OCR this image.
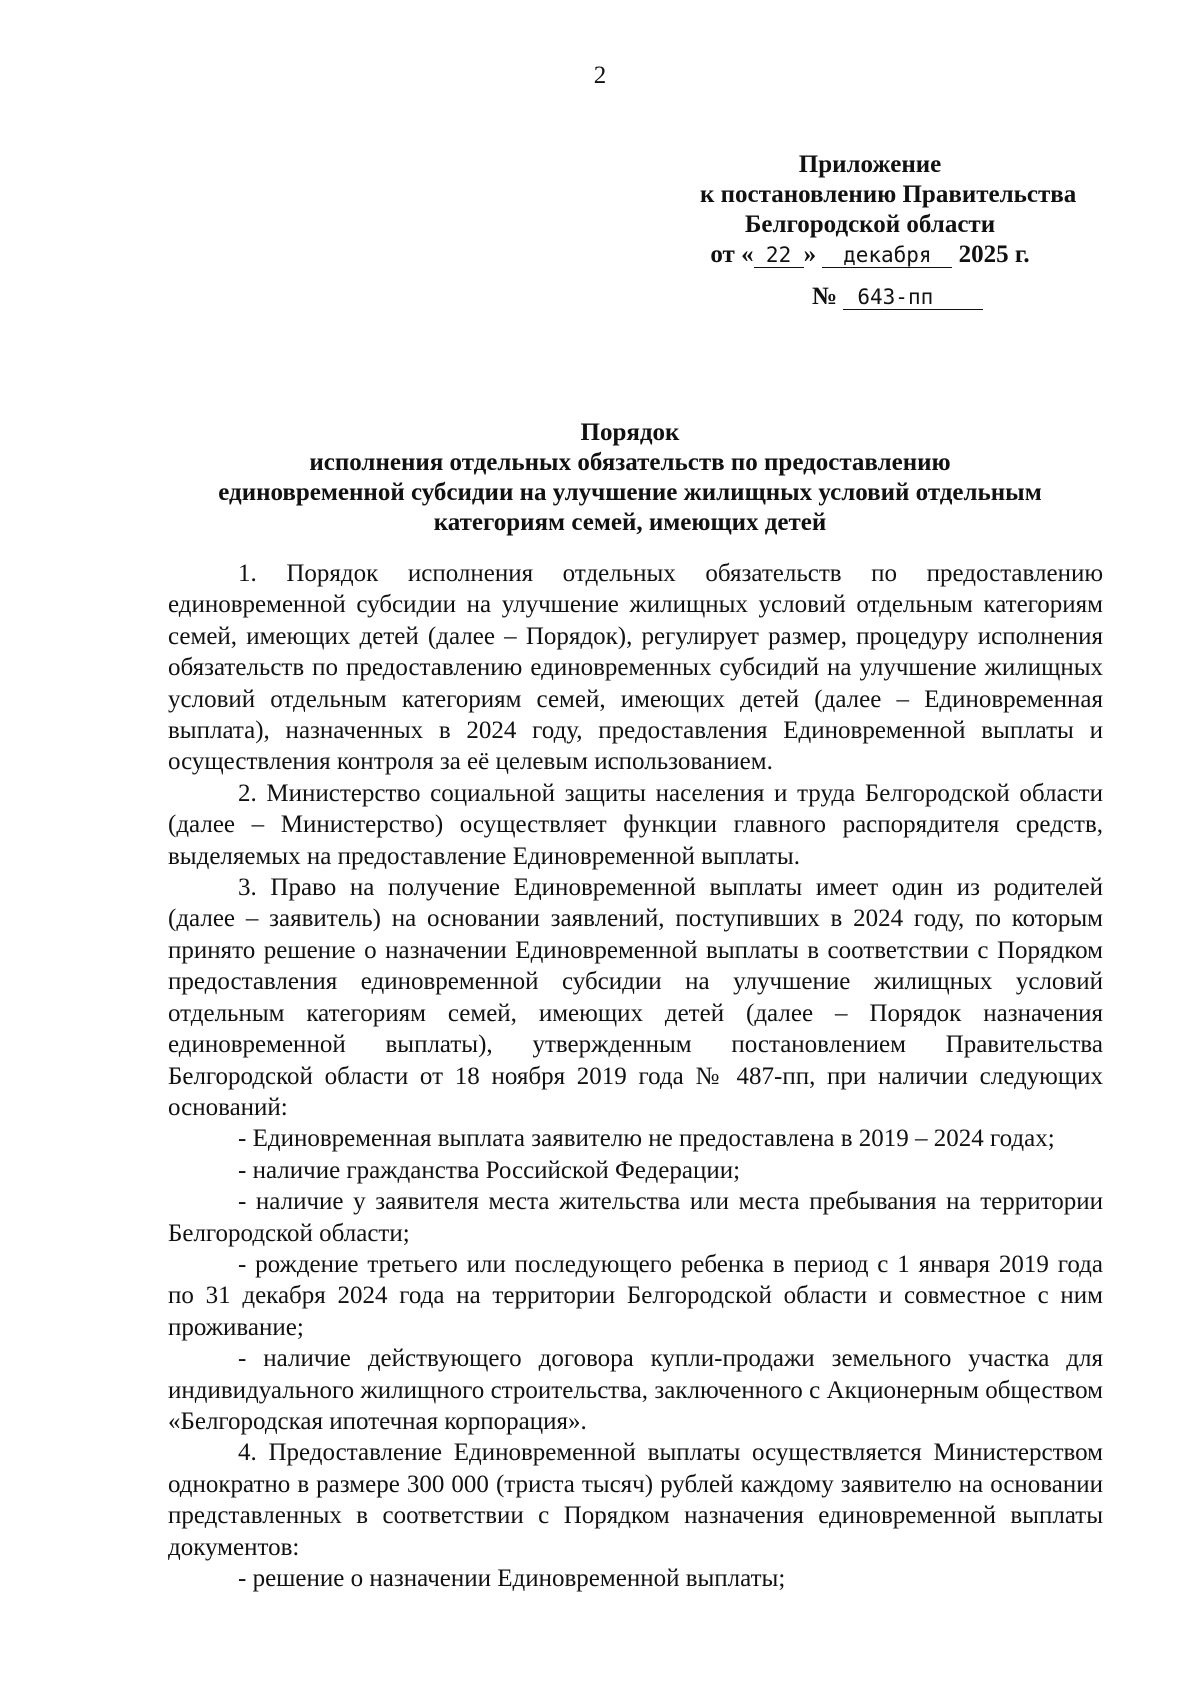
2
Приложение
к постановлению Правительства
Белгородской области
от « 22 » декабря 2025 г.
№ 643-пп
Порядок
исполнения отдельных обязательств по предоставлению
единовременной субсидии на улучшение жилищных условий отдельным
категориям семей, имеющих детей

1. Порядок исполнения отдельных обязательств по предоставлению единовременной субсидии на улучшение жилищных условий отдельным категориям семей, имеющих детей (далее – Порядок), регулирует размер, процедуру исполнения обязательств по предоставлению единовременных субсидий на улучшение жилищных условий отдельным категориям семей, имеющих детей (далее – Единовременная выплата), назначенных в 2024 году, предоставления Единовременной выплаты и осуществления контроля за её целевым использованием.

2. Министерство социальной защиты населения и труда Белгородской области (далее – Министерство) осуществляет функции главного распорядителя средств, выделяемых на предоставление Единовременной выплаты.

3. Право на получение Единовременной выплаты имеет один из родителей (далее – заявитель) на основании заявлений, поступивших в 2024 году, по которым принято решение о назначении Единовременной выплаты в соответствии с Порядком предоставления единовременной субсидии на улучшение жилищных условий отдельным категориям семей, имеющих детей (далее – Порядок назначения единовременной выплаты), утвержденным постановлением Правительства Белгородской области от 18 ноября 2019 года № 487-пп, при наличии следующих оснований:

- Единовременная выплата заявителю не предоставлена в 2019 – 2024 годах;

- наличие гражданства Российской Федерации;

- наличие у заявителя места жительства или места пребывания на территории Белгородской области;

- рождение третьего или последующего ребенка в период с 1 января 2019 года по 31 декабря 2024 года на территории Белгородской области и совместное с ним проживание;

- наличие действующего договора купли-продажи земельного участка для индивидуального жилищного строительства, заключенного с Акционерным обществом «Белгородская ипотечная корпорация».

4. Предоставление Единовременной выплаты осуществляется Министерством однократно в размере 300 000 (триста тысяч) рублей каждому заявителю на основании представленных в соответствии с Порядком назначения единовременной выплаты документов:

- решение о назначении Единовременной выплаты;
